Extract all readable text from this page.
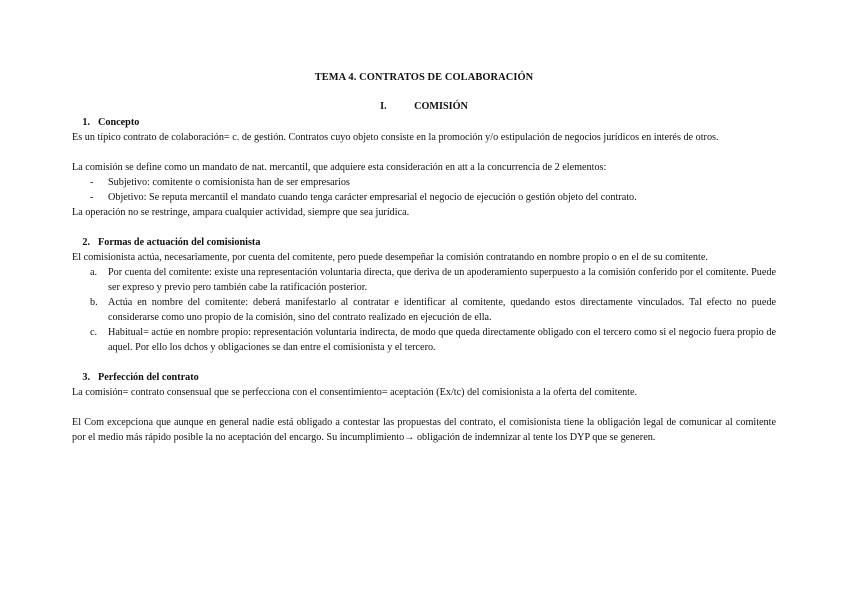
TEMA 4. CONTRATOS DE COLABORACIÓN
I.	COMISIÓN
1. Concepto

Es un típico contrato de colaboración= c. de gestión. Contratos cuyo objeto consiste en la promoción y/o estipulación de negocios jurídicos en interés de otros.

La comisión se define como un mandato de nat. mercantil, que adquiere esta consideración en att a la concurrencia de 2 elementos:

- Subjetivo: comitente o comisionista han de ser empresarios
- Objetivo: Se reputa mercantil el mandato cuando tenga carácter empresarial el negocio de ejecución o gestión objeto del contrato.

La operación no se restringe, ampara cualquier actividad, siempre que sea jurídica.

2. Formas de actuación del comisionista

El comisionista actúa, necesariamente, por cuenta del comitente, pero puede desempeñar la comisión contratando en nombre propio o en el de su comitente.

a. Por cuenta del comitente: existe una representación voluntaria directa, que deriva de un apoderamiento superpuesto a la comisión conferido por el comitente. Puede ser expreso y previo pero también cabe la ratificación posterior.
b. Actúa en nombre del comitente: deberá manifestarlo al contratar e identificar al comitente, quedando estos directamente vinculados. Tal efecto no puede considerarse como uno propio de la comisión, sino del contrato realizado en ejecución de ella.
c. Habitual= actúe en nombre propio: representación voluntaria indirecta, de modo que queda directamente obligado con el tercero como si el negocio fuera propio de aquel. Por ello los dchos y obligaciones se dan entre el comisionista y el tercero.
3. Perfección del contrato

La comisión= contrato consensual que se perfecciona con el consentimiento= aceptación (Ex/tc) del comisionista a la oferta del comitente.

El Com excepciona que aunque en general nadie está obligado a contestar las propuestas del contrato, el comisionista tiene la obligación legal de comunicar al comitente por el medio más rápido posible la no aceptación del encargo. Su incumplimiento→ obligación de indemnizar al tente los DYP que se generen.
